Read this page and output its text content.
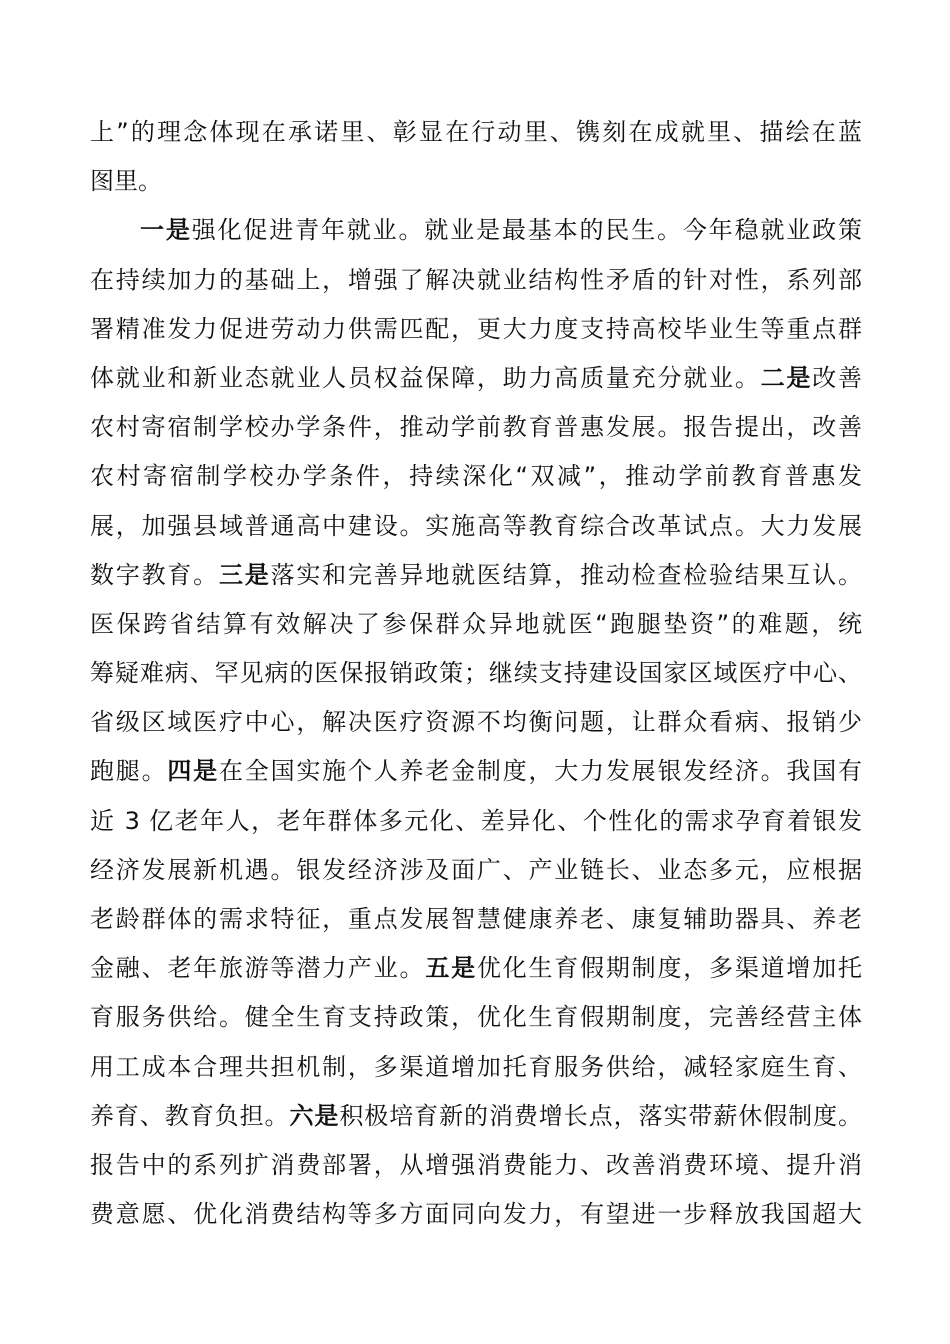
上”的理念体现在承诺里、彰显在行动里、镌刻在成就里、描绘在蓝
图里。
一是强化促进青年就业。就业是最基本的民生。今年稳就业政策
在持续加力的基础上，增强了解决就业结构性矛盾的针对性，系列部
署精准发力促进劳动力供需匹配，更大力度支持高校毕业生等重点群
体就业和新业态就业人员权益保障，助力高质量充分就业。二是改善
农村寄宿制学校办学条件，推动学前教育普惠发展。报告提出，改善
农村寄宿制学校办学条件，持续深化“双减”，推动学前教育普惠发
展，加强县域普通高中建设。实施高等教育综合改革试点。大力发展
数字教育。三是落实和完善异地就医结算，推动检查检验结果互认。
医保跨省结算有效解决了参保群众异地就医“跑腿垫资”的难题，统
筹疑难病、罕见病的医保报销政策；继续支持建设国家区域医疗中心、
省级区域医疗中心，解决医疗资源不均衡问题，让群众看病、报销少
跑腿。四是在全国实施个人养老金制度，大力发展银发经济。我国有
近 3 亿老年人，老年群体多元化、差异化、个性化的需求孕育着银发
经济发展新机遇。银发经济涉及面广、产业链长、业态多元，应根据
老龄群体的需求特征，重点发展智慧健康养老、康复辅助器具、养老
金融、老年旅游等潜力产业。五是优化生育假期制度，多渠道增加托
育服务供给。健全生育支持政策，优化生育假期制度，完善经营主体
用工成本合理共担机制，多渠道增加托育服务供给，减轻家庭生育、
养育、教育负担。六是积极培育新的消费增长点，落实带薪休假制度。
报告中的系列扩消费部署，从增强消费能力、改善消费环境、提升消
费意愿、优化消费结构等多方面同向发力，有望进一步释放我国超大
